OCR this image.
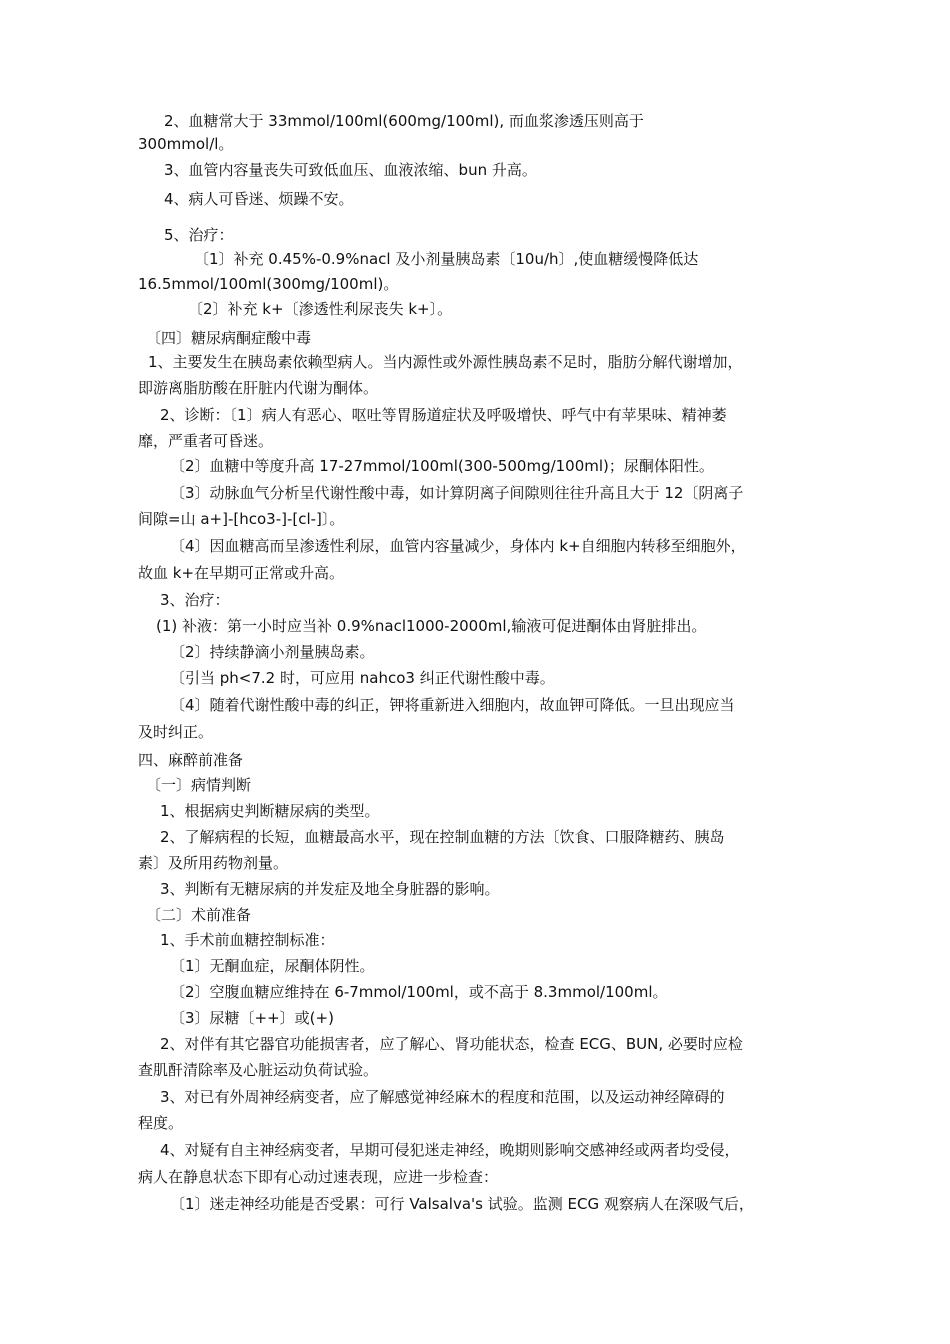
2、血糖常大于 33mmol/100ml(600mg/100ml), 而血浆渗透压则高于
300mmol/l。
3、血管内容量丧失可致低血压、血液浓缩、bun 升高。
4、病人可昏迷、烦躁不安。
5、治疗：
〔1〕补充 0.45%-0.9%nacl 及小剂量胰岛素〔10u/h〕,使血糖缓慢降低达
16.5mmol/100ml(300mg/100ml)。
〔2〕补充 k+〔渗透性利尿丧失 k+〕。
〔四〕糖尿病酮症酸中毒
1、主要发生在胰岛素依赖型病人。当内源性或外源性胰岛素不足时，脂肪分解代谢增加，
即游离脂肪酸在肝脏内代谢为酮体。
2、诊断：〔1〕病人有恶心、呕吐等胃肠道症状及呼吸增快、呼气中有苹果味、精神萎
靡，严重者可昏迷。
〔2〕血糖中等度升高 17-27mmol/100ml(300-500mg/100ml)；尿酮体阳性。
〔3〕动脉血气分析呈代谢性酸中毒，如计算阴离子间隙则往往升高且大于 12〔阴离子
间隙=山 a+]-[hco3-]-[cl-]〕。
〔4〕因血糖高而呈渗透性利尿，血管内容量减少，身体内 k+自细胞内转移至细胞外，
故血 k+在早期可正常或升高。
3、治疗：
(1) 补液：第一小时应当补 0.9%nacl1000-2000ml,输液可促进酮体由肾脏排出。
〔2〕持续静滴小剂量胰岛素。
〔引当 ph<7.2 时，可应用 nahco3 纠正代谢性酸中毒。
〔4〕随着代谢性酸中毒的纠正，钾将重新进入细胞内，故血钾可降低。一旦出现应当
及时纠正。
四、麻醉前准备
〔一〕病情判断
1、根据病史判断糖尿病的类型。
2、了解病程的长短，血糖最高水平，现在控制血糖的方法〔饮食、口服降糖药、胰岛
素〕及所用药物剂量。
3、判断有无糖尿病的并发症及地全身脏器的影响。
〔二〕术前准备
1、手术前血糖控制标准：
〔1〕无酮血症，尿酮体阴性。
〔2〕空腹血糖应维持在 6-7mmol/100ml，或不高于 8.3mmol/100ml。
〔3〕尿糖〔++〕或(+)
2、对伴有其它器官功能损害者，应了解心、肾功能状态，检查 ECG、BUN, 必要时应检
查肌酐清除率及心脏运动负荷试验。
3、对已有外周神经病变者，应了解感觉神经麻木的程度和范围，以及运动神经障碍的
程度。
4、对疑有自主神经病变者，早期可侵犯迷走神经，晚期则影响交感神经或两者均受侵，
病人在静息状态下即有心动过速表现，应进一步检查：
〔1〕迷走神经功能是否受累：可行 Valsalva's 试验。监测 ECG 观察病人在深吸气后，
